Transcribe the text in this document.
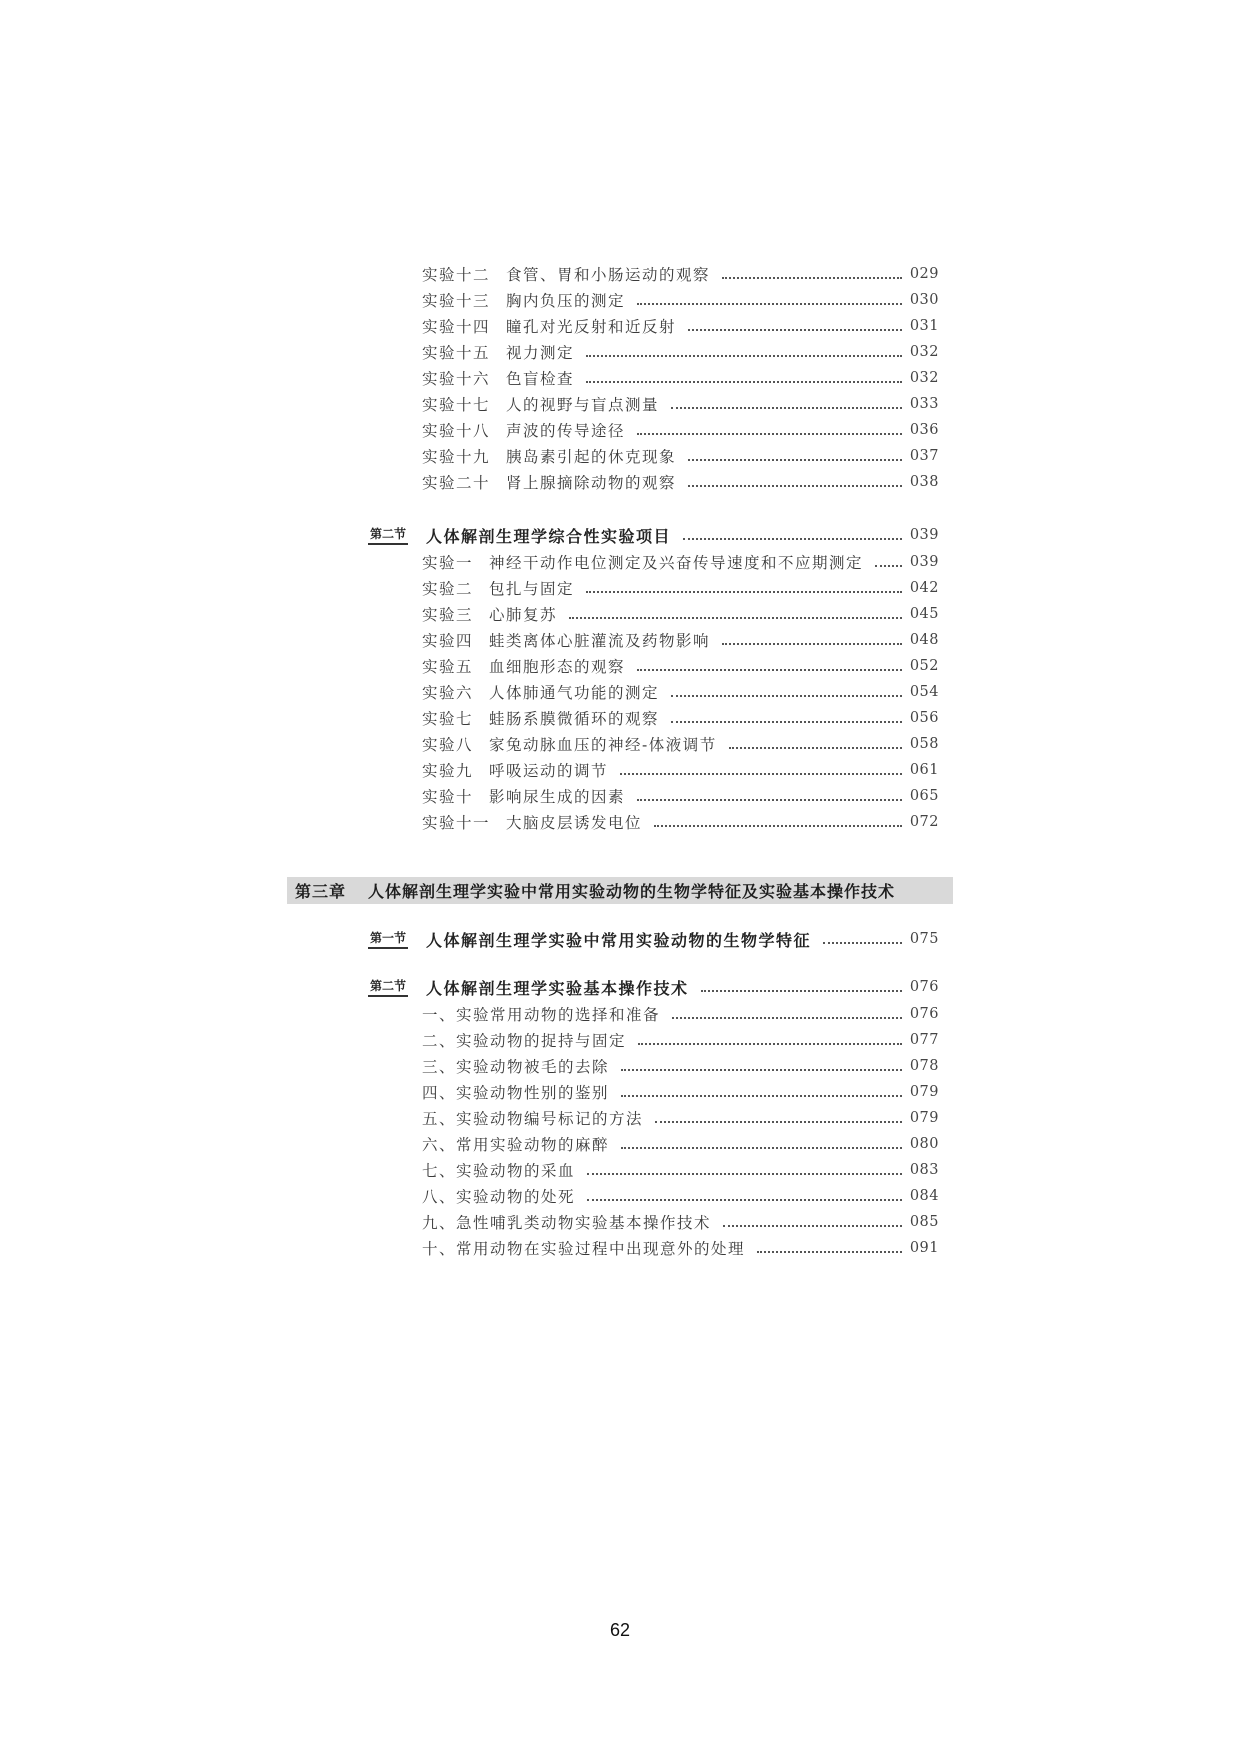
实验十二 食管、胃和小肠运动的观察	029
实验十三 胸内负压的测定	030
实验十四 瞳孔对光反射和近反射	031
实验十五 视力测定	032
实验十六 色盲检查	032
实验十七 人的视野与盲点测量	033
实验十八 声波的传导途径	036
实验十九 胰岛素引起的休克现象	037
实验二十 肾上腺摘除动物的观察	038
第二节 人体解剖生理学综合性实验项目	039
实验一 神经干动作电位测定及兴奋传导速度和不应期测定	039
实验二 包扎与固定	042
实验三 心肺复苏	045
实验四 蛙类离体心脏灌流及药物影响	048
实验五 血细胞形态的观察	052
实验六 人体肺通气功能的测定	054
实验七 蛙肠系膜微循环的观察	056
实验八 家兔动脉血压的神经-体液调节	058
实验九 呼吸运动的调节	061
实验十 影响尿生成的因素	065
实验十一 大脑皮层诱发电位	072
第三章 人体解剖生理学实验中常用实验动物的生物学特征及实验基本操作技术
第一节 人体解剖生理学实验中常用实验动物的生物学特征	075
第二节 人体解剖生理学实验基本操作技术	076
一、实验常用动物的选择和准备	076
二、实验动物的捉持与固定	077
三、实验动物被毛的去除	078
四、实验动物性别的鉴别	079
五、实验动物编号标记的方法	079
六、常用实验动物的麻醉	080
七、实验动物的采血	083
八、实验动物的处死	084
九、急性哺乳类动物实验基本操作技术	085
十、常用动物在实验过程中出现意外的处理	091
62
